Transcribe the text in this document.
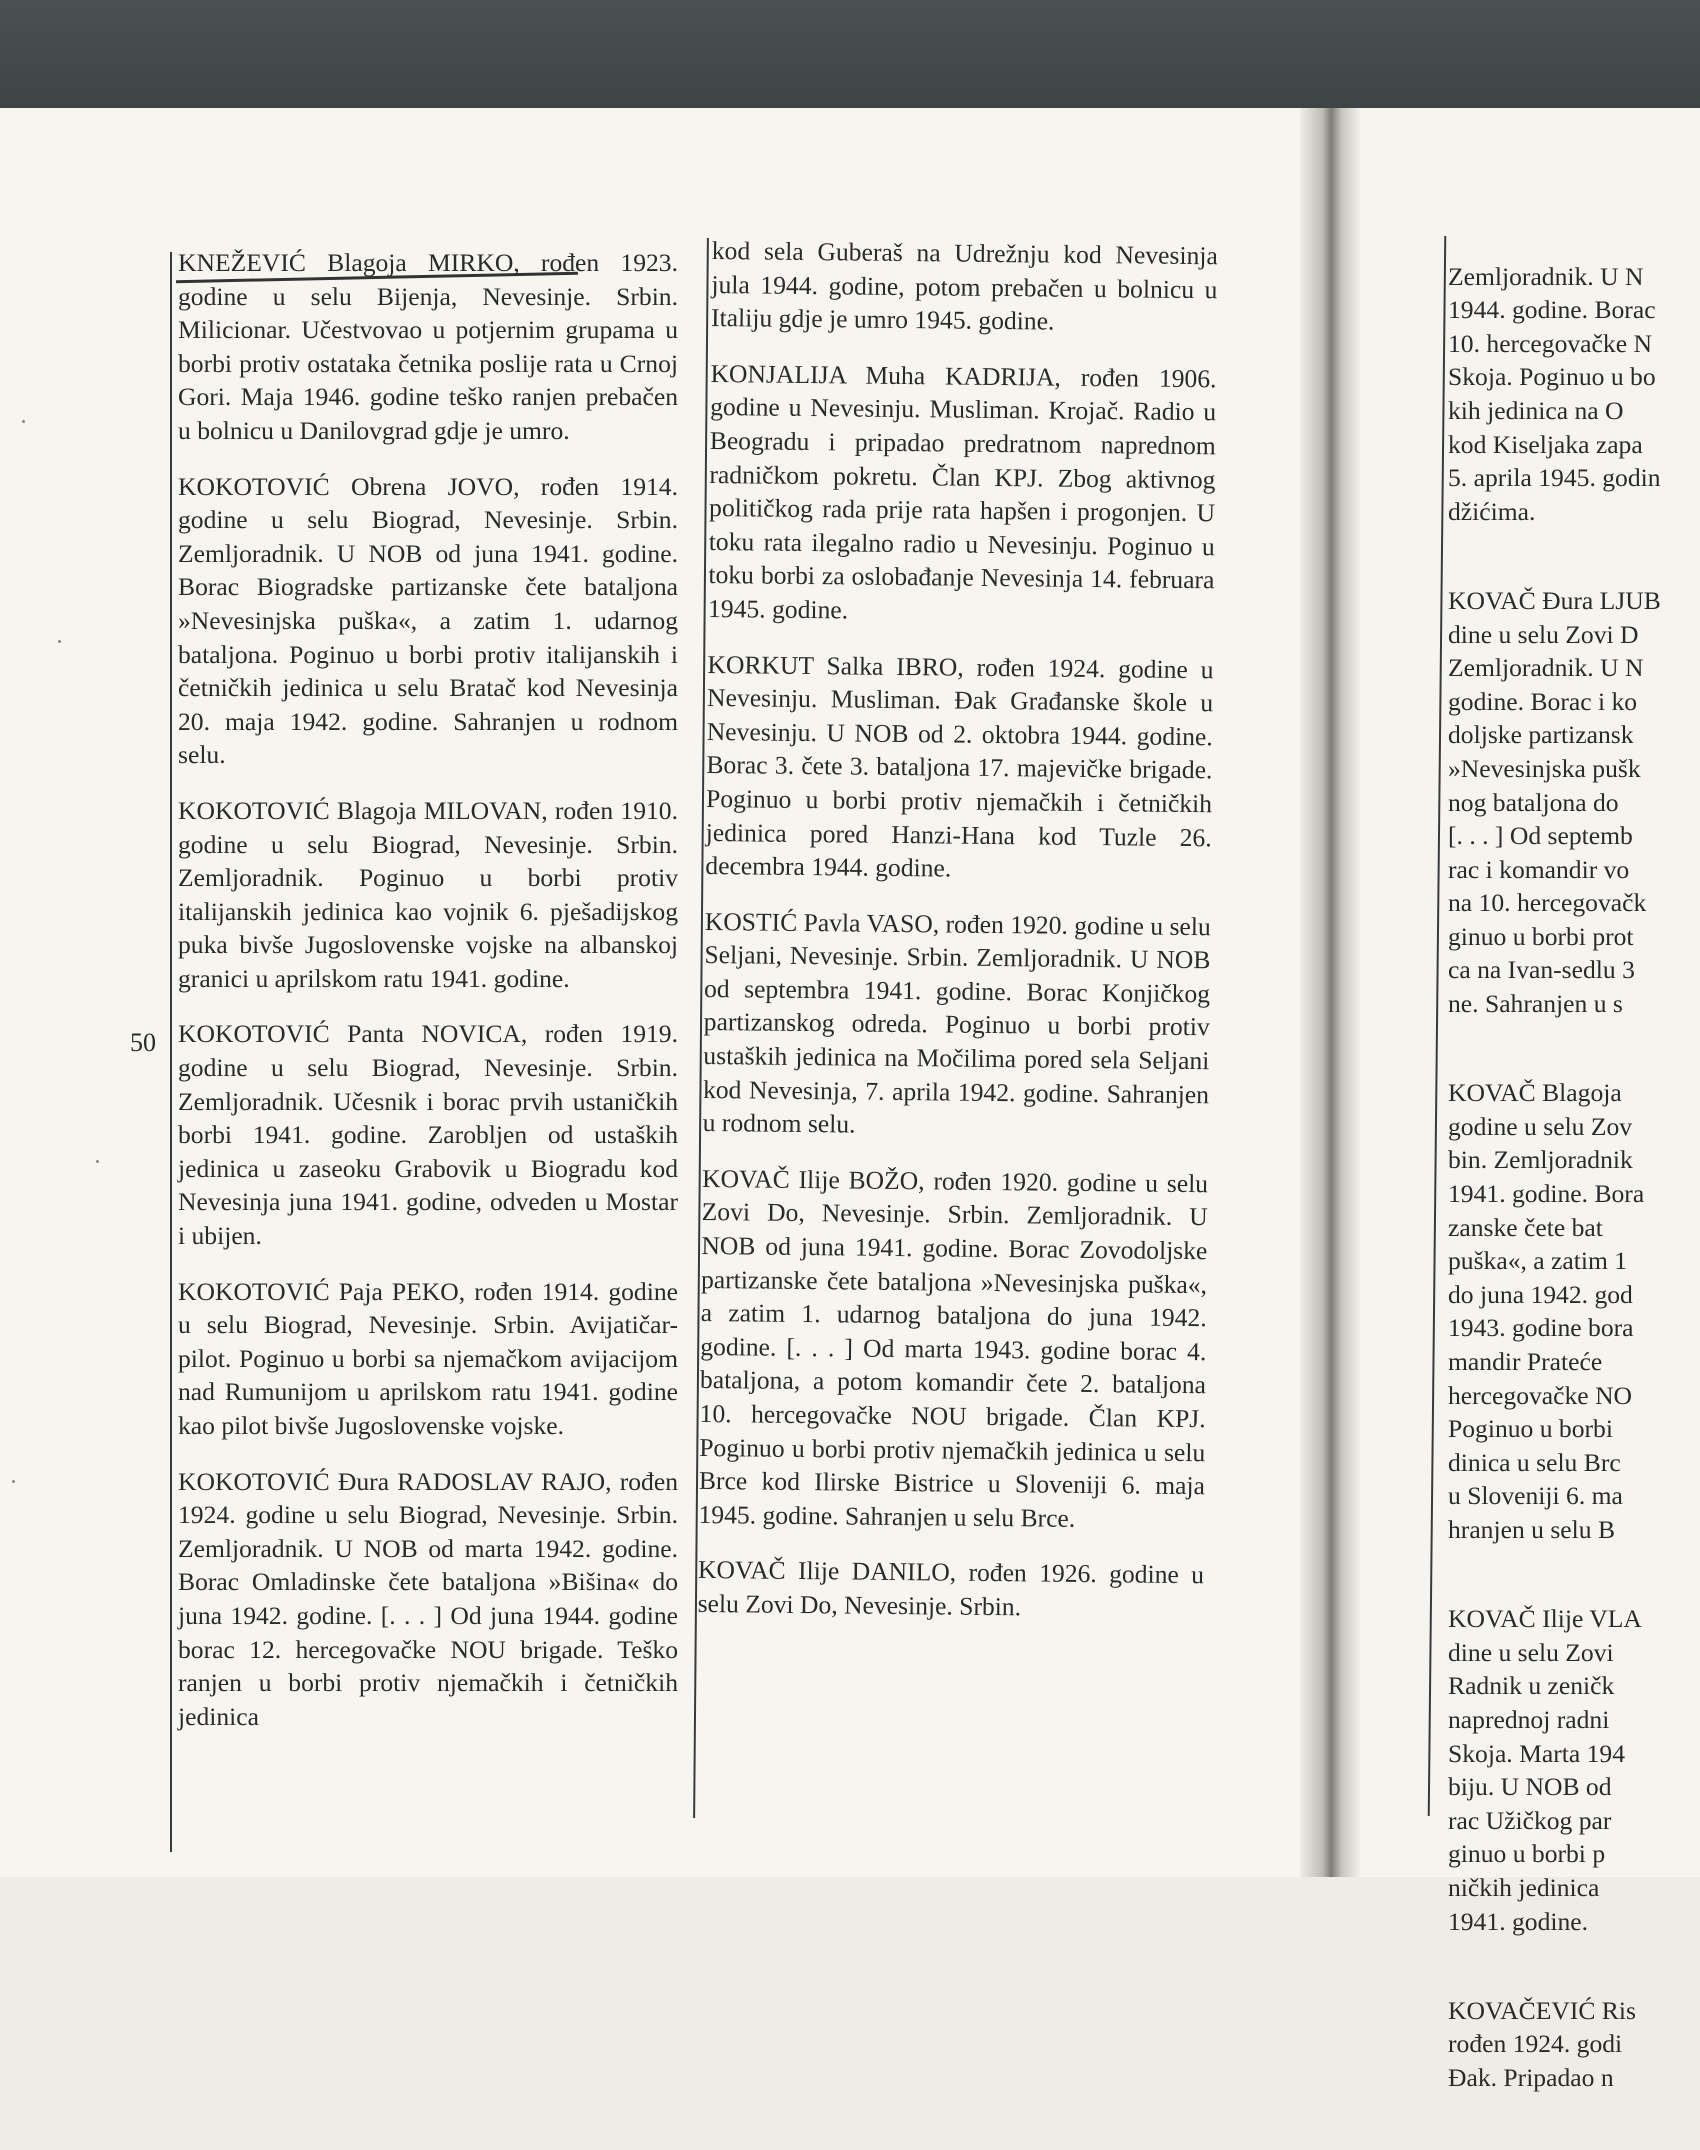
50

KNEŽEVIĆ Blagoja MIRKO, rođen 1923. godine u selu Bijenja, Nevesinje. Srbin. Milicionar. Učestvovao u potjernim grupama u borbi protiv ostataka četnika poslije rata u Crnoj Gori. Maja 1946. godine teško ranjen prebačen u bolnicu u Danilovgrad gdje je umro.

KOKOTOVIĆ Obrena JOVO, rođen 1914. godine u selu Biograd, Nevesinje. Srbin. Zemljoradnik. U NOB od juna 1941. godine. Borac Biogradske partizanske čete bataljona »Nevesinjska puška«, a zatim 1. udarnog bataljona. Poginuo u borbi protiv italijanskih i četničkih jedinica u selu Bratač kod Nevesinja 20. maja 1942. godine. Sahranjen u rodnom selu.

KOKOTOVIĆ Blagoja MILOVAN, rođen 1910. godine u selu Biograd, Nevesinje. Srbin. Zemljoradnik. Poginuo u borbi protiv italijanskih jedinica kao vojnik 6. pješadijskog puka bivše Jugoslovenske vojske na albanskoj granici u aprilskom ratu 1941. godine.

KOKOTOVIĆ Panta NOVICA, rođen 1919. godine u selu Biograd, Nevesinje. Srbin. Zemljoradnik. Učesnik i borac prvih ustaničkih borbi 1941. godine. Zarobljen od ustaških jedinica u zaseoku Grabovik u Biogradu kod Nevesinja juna 1941. godine, odveden u Mostar i ubijen.

KOKOTOVIĆ Paja PEKO, rođen 1914. godine u selu Biograd, Nevesinje. Srbin. Avijatičar-pilot. Poginuo u borbi sa njemačkom avijacijom nad Rumunijom u aprilskom ratu 1941. godine kao pilot bivše Jugoslovenske vojske.

KOKOTOVIĆ Đura RADOSLAV RAJO, rođen 1924. godine u selu Biograd, Nevesinje. Srbin. Zemljoradnik. U NOB od marta 1942. godine. Borac Omladinske čete bataljona »Bišina« do juna 1942. godine. [. . . ] Od juna 1944. godine borac 12. hercegovačke NOU brigade. Teško ranjen u borbi protiv njemačkih i četničkih jedinica

kod sela Guberaš na Udrežnju kod Nevesinja jula 1944. godine, potom prebačen u bolnicu u Italiju gdje je umro 1945. godine.

KONJALIJA Muha KADRIJA, rođen 1906. godine u Nevesinju. Musliman. Krojač. Radio u Beogradu i pripadao predratnom naprednom radničkom pokretu. Član KPJ. Zbog aktivnog političkog rada prije rata hapšen i progonjen. U toku rata ilegalno radio u Nevesinju. Poginuo u toku borbi za oslobađanje Nevesinja 14. februara 1945. godine.

KORKUT Salka IBRO, rođen 1924. godine u Nevesinju. Musliman. Đak Građanske škole u Nevesinju. U NOB od 2. oktobra 1944. godine. Borac 3. čete 3. bataljona 17. majevičke brigade. Poginuo u borbi protiv njemačkih i četničkih jedinica pored Hanzi-Hana kod Tuzle 26. decembra 1944. godine.

KOSTIĆ Pavla VASO, rođen 1920. godine u selu Seljani, Nevesinje. Srbin. Zemljoradnik. U NOB od septembra 1941. godine. Borac Konjičkog partizanskog odreda. Poginuo u borbi protiv ustaških jedinica na Močilima pored sela Seljani kod Nevesinja, 7. aprila 1942. godine. Sahranjen u rodnom selu.

KOVAČ Ilije BOŽO, rođen 1920. godine u selu Zovi Do, Nevesinje. Srbin. Zemljoradnik. U NOB od juna 1941. godine. Borac Zovodoljske partizanske čete bataljona »Nevesinjska puška«, a zatim 1. udarnog bataljona do juna 1942. godine. [. . . ] Od marta 1943. godine borac 4. bataljona, a potom komandir čete 2. bataljona 10. hercegovačke NOU brigade. Član KPJ. Poginuo u borbi protiv njemačkih jedinica u selu Brce kod Ilirske Bistrice u Sloveniji 6. maja 1945. godine. Sahranjen u selu Brce.

KOVAČ Ilije DANILO, rođen 1926. godine u selu Zovi Do, Nevesinje. Srbin.

Zemljoradnik. U N
1944. godine. Borac
10. hercegovačke N
Skoja. Poginuo u bo
kih jedinica na O
kod Kiseljaka zapa
5. aprila 1945. godin
džićima.

KOVAČ Đura LJUB
dine u selu Zovi D
Zemljoradnik. U N
godine. Borac i ko
doljske partizansk
»Nevesinjska pušk
nog bataljona do
[. . . ] Od septemb
rac i komandir vo
na 10. hercegovačk
ginuo u borbi prot
ca na Ivan-sedlu 3
ne. Sahranjen u s

KOVAČ Blagoja
godine u selu Zov
bin. Zemljoradnik
1941. godine. Bora
zanske čete bat
puška«, a zatim 1
do juna 1942. god
1943. godine bora
mandir Prateće
hercegovačke NO
Poginuo u borbi
dinica u selu Brc
u Sloveniji 6. ma
hranjen u selu B

KOVAČ Ilije VLA
dine u selu Zovi
Radnik u zeničk
naprednoj radni
Skoja. Marta 194
biju. U NOB od
rac Užičkog par
ginuo u borbi p
ničkih jedinica
1941. godine.

KOVAČEVIĆ Ris
rođen 1924. godi
Đak. Pripadao n
